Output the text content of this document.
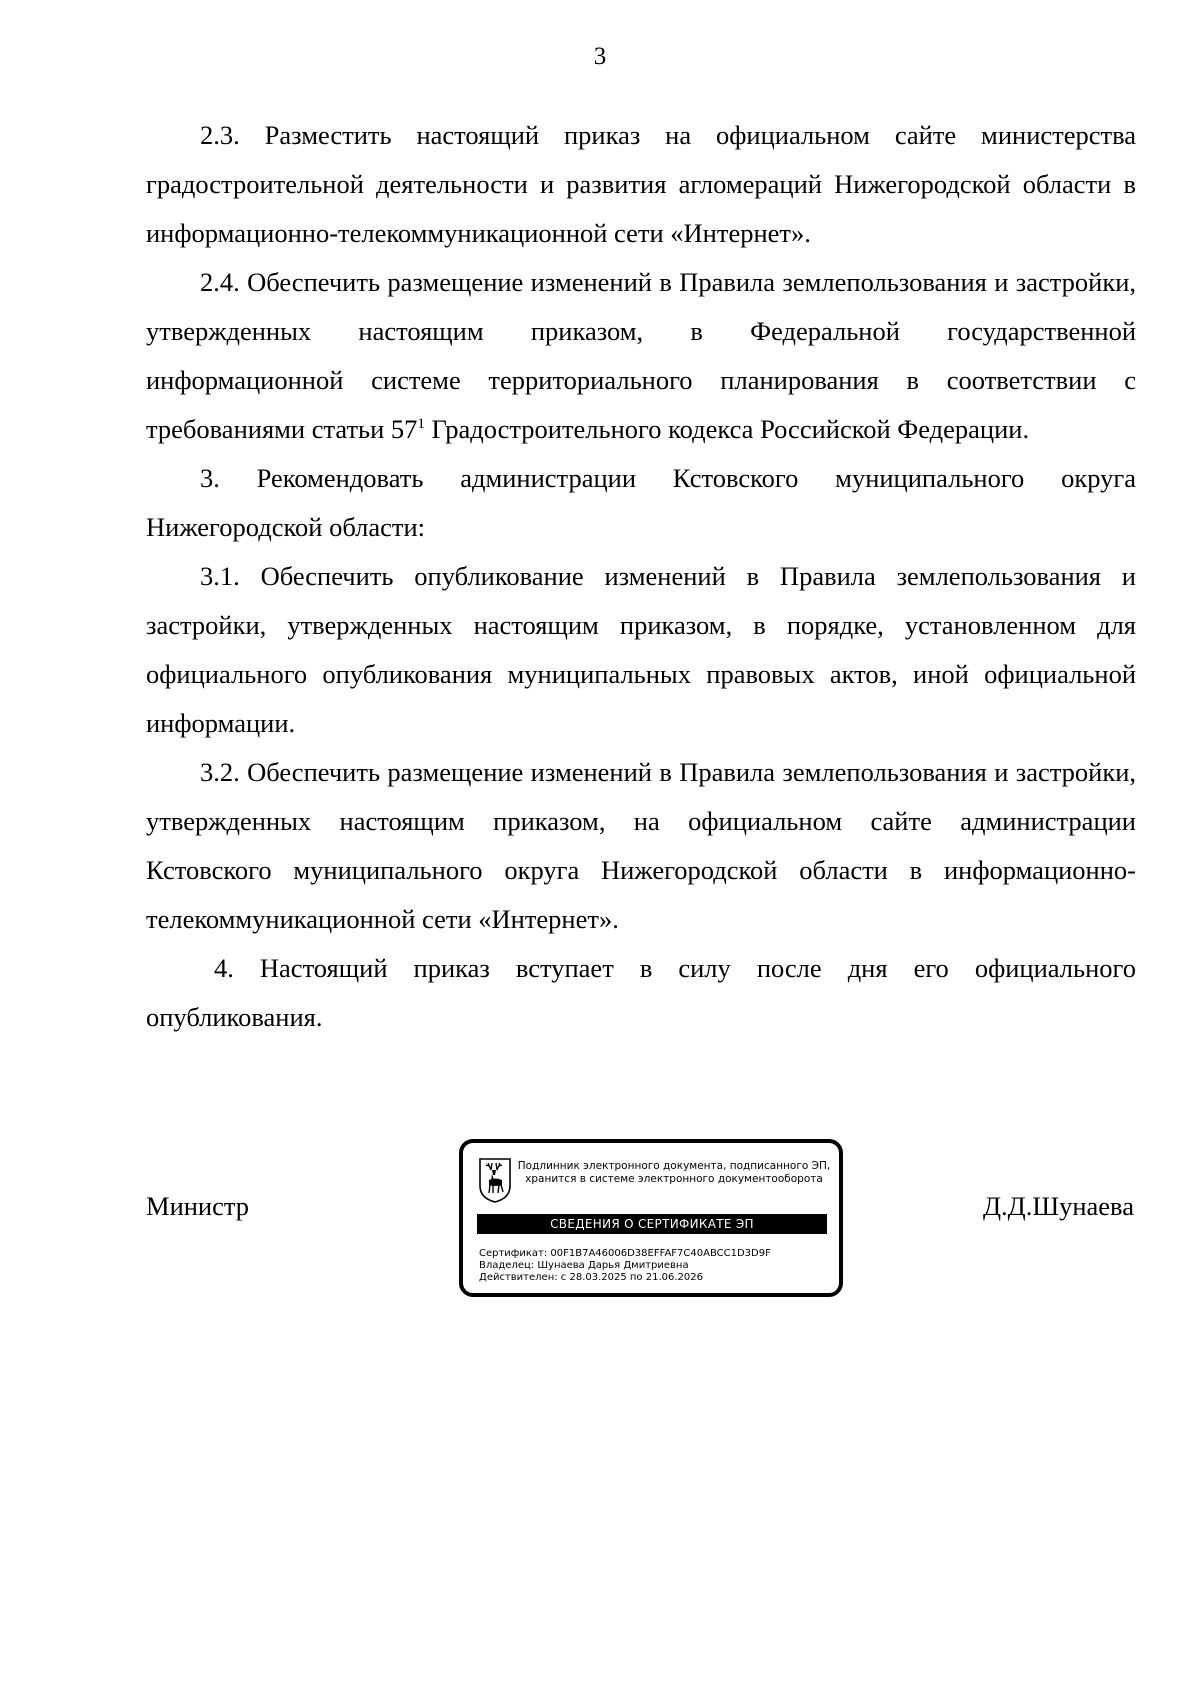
3

2.3. Разместить настоящий приказ на официальном сайте министерства градостроительной деятельности и развития агломераций Нижегородской области в информационно-телекоммуникационной сети «Интернет».

2.4. Обеспечить размещение изменений в Правила землепользования и застройки, утвержденных настоящим приказом, в Федеральной государственной информационной системе территориального планирования в соответствии с требованиями статьи $57^1$ Градостроительного кодекса Российской Федерации.

3. Рекомендовать администрации Кстовского муниципального округа Нижегородской области:

3.1. Обеспечить опубликование изменений в Правила землепользования и застройки, утвержденных настоящим приказом, в порядке, установленном для официального опубликования муниципальных правовых актов, иной официальной информации.

3.2. Обеспечить размещение изменений в Правила землепользования и застройки, утвержденных настоящим приказом, на официальном сайте администрации Кстовского муниципального округа Нижегородской области в информационно-телекоммуникационной сети «Интернет».

4. Настоящий приказ вступает в силу после дня его официального опубликования.

Министр
Подлинник электронного документа, подписанного ЭП,
хранится в системе электронного документооборота
СВЕДЕНИЯ О СЕРТИФИКАТЕ ЭП
Сертификат: 00F1B7A46006D38EFFAF7C40ABCC1D3D9F
Владелец: Шунаева Дарья Дмитриевна
Действителен: с 28.03.2025 по 21.06.2026
Д.Д.Шунаева
